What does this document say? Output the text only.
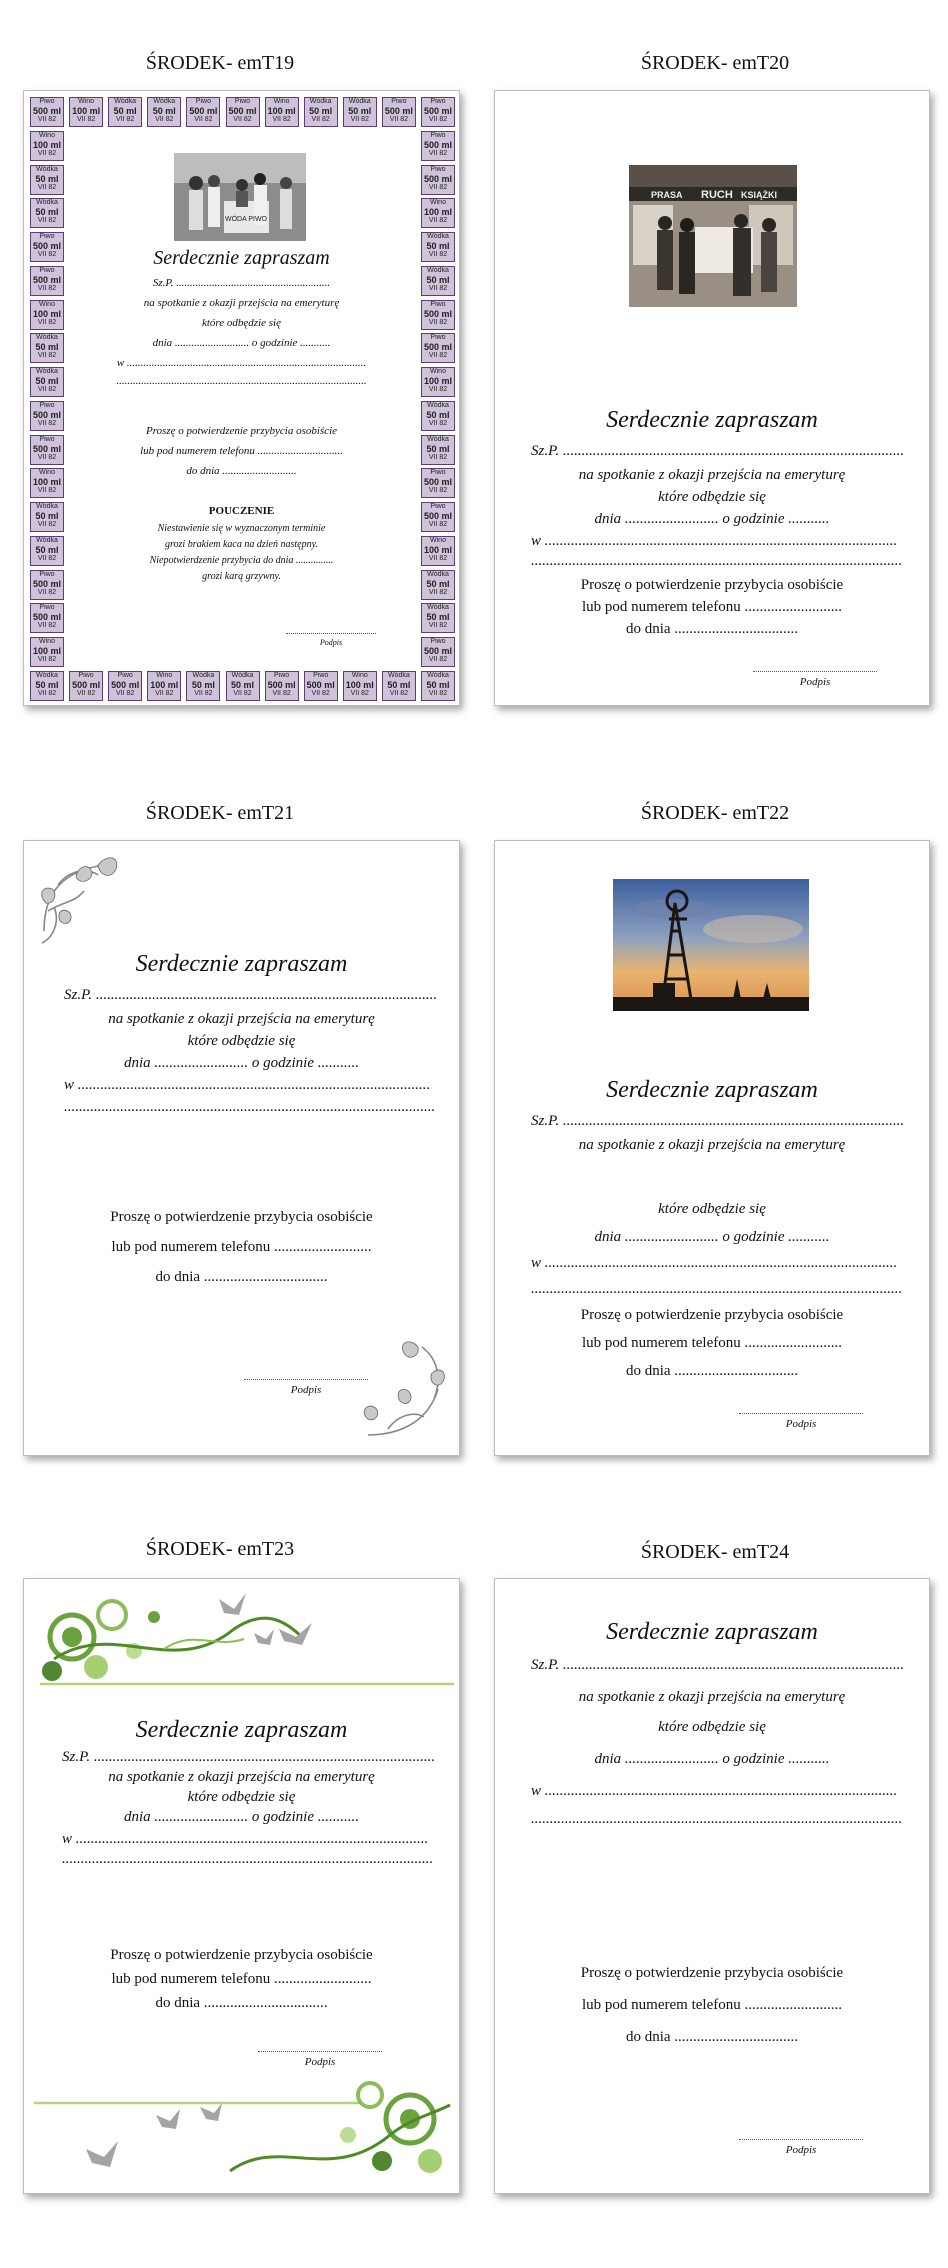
ŚRODEK- emT19	ŚRODEK- emT20
ŚRODEK- emT21	ŚRODEK- emT22
ŚRODEK- emT23	ŚRODEK- emT24
Piwo
500 ml
VII 82
Wódka
50 ml
VII 82
Wino
100 ml
VII 82
Piwo
500 ml
VII 82
Wódka
50 ml
VII 82
Piwo
500 ml
VII 82
Wódka
50 ml
VII 82
Wino
100 ml
VII 82
Piwo
500 ml
VII 82
Wódka
50 ml
VII 82
Piwo
500 ml
VII 82
Wódka
50 ml
VII 82
Wino
100 ml
VII 82
Piwo
500 ml
VII 82
Wódka
50 ml
VII 82
Piwo
500 ml
VII 82
Wódka
50 ml
VII 82
Wino
100 ml
VII 82
Piwo
500 ml
VII 82
Wódka
50 ml
VII 82
Piwo
500 ml
VII 82
Wódka
50 ml
VII 82
Wino
100 ml
VII 82
Piwo
500 ml
VII 82
Wódka
50 ml
VII 82
Piwo
500 ml
VII 82
Wódka
50 ml
VII 82
Wino
100 ml
VII 82
Piwo
500 ml
VII 82
Wódka
50 ml
VII 82
Piwo
500 ml
VII 82
Wódka
50 ml
VII 82
Wino
100 ml
VII 82
Piwo
500 ml
VII 82
Wódka
50 ml
VII 82
Piwo
500 ml
VII 82
Wódka
50 ml
VII 82
Wino
100 ml
VII 82
Piwo
500 ml
VII 82
Wódka
50 ml
VII 82
Piwo
500 ml
VII 82
Wódka
50 ml
VII 82
Wino
100 ml
VII 82
Piwo
500 ml
VII 82
Wódka
50 ml
VII 82
Piwo
500 ml
VII 82
Wódka
50 ml
VII 82
Wino
100 ml
VII 82
Piwo
500 ml
VII 82
Wódka
50 ml
VII 82
Piwo
500 ml
VII 82
Wódka
50 ml
VII 82
Wino
100 ml
VII 82
Piwo
500 ml
VII 82
WÓDA PIWO
Serdecznie zapraszam
Sz.P. ........................................................
na spotkanie z okazji przejścia na emeryturę
które odbędzie się
dnia ........................... o godzinie ...........
w .......................................................................................
...........................................................................................
Proszę o potwierdzenie przybycia osobiście
lub pod numerem telefonu ...............................
do dnia ...........................
POUCZENIE
Niestawienie się w wyznaczonym terminie
grozi brakiem kaca na dzień następny.
Niepotwierdzenie przybycia do dnia ...............
grozi karą grzywny.
Podpis
PRASA RUCH KSIĄŻKI
Serdecznie zapraszam
Sz.P. ...........................................................................................
na spotkanie z okazji przejścia na emeryturę
które odbędzie się
dnia ......................... o godzinie ...........
w ..............................................................................................
...................................................................................................
Proszę o potwierdzenie przybycia osobiście
lub pod numerem telefonu ..........................
do dnia .................................
Podpis
Serdecznie zapraszam
Sz.P. ...........................................................................................
na spotkanie z okazji przejścia na emeryturę
które odbędzie się
dnia ......................... o godzinie ...........
w ..............................................................................................
...................................................................................................
Proszę o potwierdzenie przybycia osobiście
lub pod numerem telefonu ..........................
do dnia .................................
Podpis
Serdecznie zapraszam
Sz.P. ...........................................................................................
na spotkanie z okazji przejścia na emeryturę
które odbędzie się
dnia ......................... o godzinie ...........
w ..............................................................................................
...................................................................................................
Proszę o potwierdzenie przybycia osobiście
lub pod numerem telefonu ..........................
do dnia .................................
Podpis
Serdecznie zapraszam
Sz.P. ...........................................................................................
na spotkanie z okazji przejścia na emeryturę
które odbędzie się
dnia ......................... o godzinie ...........
w ..............................................................................................
...................................................................................................
Proszę o potwierdzenie przybycia osobiście
lub pod numerem telefonu ..........................
do dnia .................................
Podpis
Serdecznie zapraszam
Sz.P. ...........................................................................................
na spotkanie z okazji przejścia na emeryturę
które odbędzie się
dnia ......................... o godzinie ...........
w ..............................................................................................
...................................................................................................
Proszę o potwierdzenie przybycia osobiście
lub pod numerem telefonu ..........................
do dnia .................................
Podpis
